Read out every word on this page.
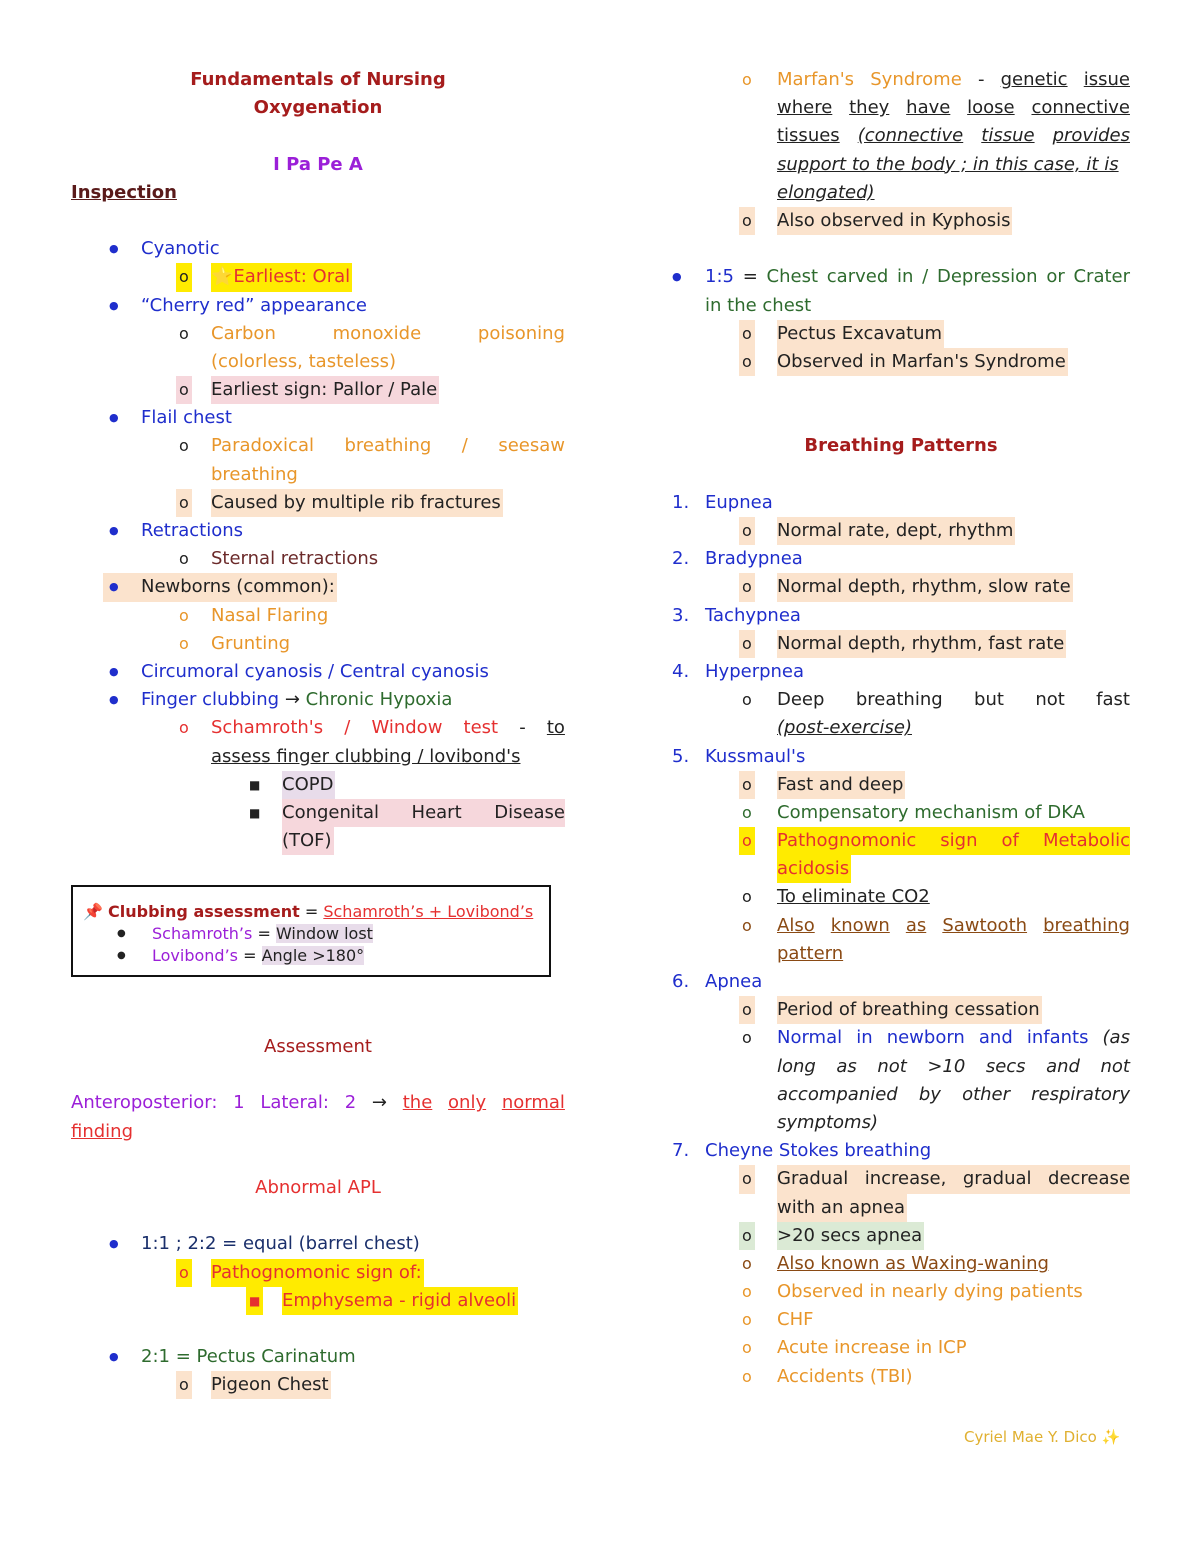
Fundamentals of Nursing
Oxygenation
I Pa Pe A
Inspection
● Cyanotic
o ⭐Earliest: Oral
● “Cherry red” appearance
o Carbon	monoxide	poisoning
(colorless, tasteless)
o Earliest sign: Pallor / Pale
● Flail chest
o Paradoxical breathing / seesaw
breathing
o Caused by multiple rib fractures
● Retractions
o Sternal retractions
● Newborns (common):
o Nasal Flaring
o Grunting
● Circumoral cyanosis / Central cyanosis
● Finger clubbing → Chronic Hypoxia
o Schamroth's / Window test - to
assess finger clubbing / lovibond's
■ COPD
■ Congenital Heart Disease
(TOF)
📌 Clubbing assessment = Schamroth’s + Lovibond’s
● Schamroth’s = Window lost
● Lovibond’s = Angle >180°
Assessment
Anteroposterior: 1 Lateral: 2 → the only normal
finding
Abnormal APL
● 1:1 ; 2:2 = equal (barrel chest)
o Pathognomonic sign of:
■ Emphysema - rigid alveoli
● 2:1 = Pectus Carinatum
o Pigeon Chest
o Marfan's Syndrome - genetic issue
where they have loose connective
tissues (connective tissue provides
support to the body ; in this case, it is
elongated)
o Also observed in Kyphosis
● 1:5 = Chest carved in / Depression or Crater
in the chest
o Pectus Excavatum
o Observed in Marfan's Syndrome
Breathing Patterns
1. Eupnea
o Normal rate, dept, rhythm
2. Bradypnea
o Normal depth, rhythm, slow rate
3. Tachypnea
o Normal depth, rhythm, fast rate
4. Hyperpnea
o Deep breathing but not fast
(post-exercise)
5. Kussmaul's
o Fast and deep
o Compensatory mechanism of DKA
o Pathognomonic sign of Metabolic
acidosis
o To eliminate CO2
o Also known as Sawtooth breathing
pattern
6. Apnea
o Period of breathing cessation
o Normal in newborn and infants (as
long as not >10 secs and not
accompanied by other respiratory
symptoms)
7. Cheyne Stokes breathing
o Gradual increase, gradual decrease
with an apnea
o >20 secs apnea
o Also known as Waxing-waning
o Observed in nearly dying patients
o CHF
o Acute increase in ICP
o Accidents (TBI)
Cyriel Mae Y. Dico ✨
